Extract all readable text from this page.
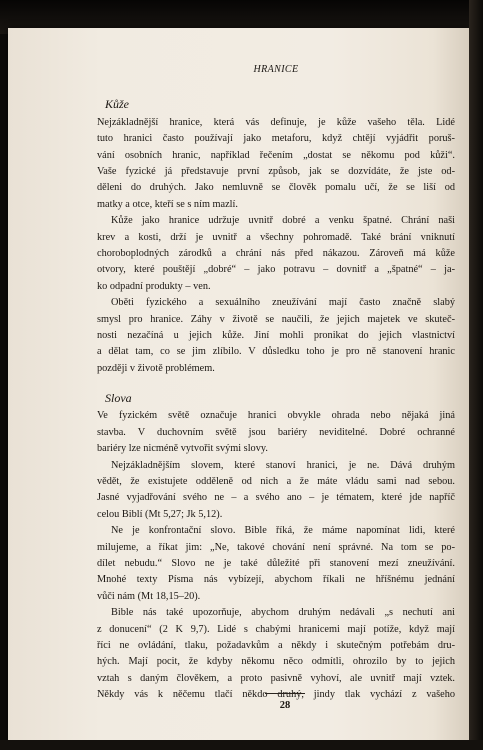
HRANICE
Kůže

Nejzákladnější hranice, která vás definuje, je kůže vašeho těla. Lidé
tuto hranici často používají jako metaforu, když chtějí vyjádřit poruš-
vání osobních hranic, například řečením „dostat se někomu pod kůži“.
Vaše fyzické já představuje první způsob, jak se dozvídáte, že jste od-
děleni do druhých. Jako nemluvně se člověk pomalu učí, že se liší od
matky a otce, kteří se s ním mazlí.

Kůže jako hranice udržuje uvnitř dobré a venku špatné. Chrání naši
krev a kosti, drží je uvnitř a všechny pohromadě. Také brání vniknutí
choroboplodných zárodků a chrání nás před nákazou. Zároveň má kůže
otvory, které pouštějí „dobré“ – jako potravu – dovnitř a „špatné“ – ja-
ko odpadní produkty – ven.

Oběti fyzického a sexuálního zneužívání mají často značně slabý
smysl pro hranice. Záhy v životě se naučili, že jejich majetek ve skuteč-
nosti nezačíná u jejich kůže. Jiní mohli pronikat do jejich vlastnictví
a dělat tam, co se jim zlíbilo. V důsledku toho je pro ně stanovení hranic
později v životě problémem.

Slova

Ve fyzickém světě označuje hranici obvykle ohrada nebo nějaká jiná
stavba. V duchovním světě jsou bariéry neviditelné. Dobré ochranné
bariéry lze nicméně vytvořit svými slovy.

Nejzákladnějším slovem, které stanoví hranici, je ne. Dává druhým
vědět, že existujete odděleně od nich a že máte vládu sami nad sebou.
Jasné vyjadřování svého ne – a svého ano – je tématem, které jde napříč
celou Biblí (Mt 5,27; Jk 5,12).

Ne je konfrontační slovo. Bible říká, že máme napomínat lidi, které
milujeme, a říkat jim: „Ne, takové chování není správné. Na tom se po-
dílet nebudu.“ Slovo ne je také důležité při stanovení mezí zneužívání.
Mnohé texty Písma nás vybízejí, abychom říkali ne hříšnému jednání
vůči nám (Mt 18,15–20).

Bible nás také upozorňuje, abychom druhým nedávali „s nechutí ani
z donucení“ (2 K 9,7). Lidé s chabými hranicemi mají potíže, když mají
říci ne ovládání, tlaku, požadavkům a někdy i skutečným potřebám dru-
hých. Mají pocit, že kdyby někomu něco odmítli, ohrozilo by to jejich
vztah s daným člověkem, a proto pasivně vyhoví, ale uvnitř mají vztek.
Někdy vás k něčemu tlačí někdo druhý, jindy tlak vychází z vašeho

28
